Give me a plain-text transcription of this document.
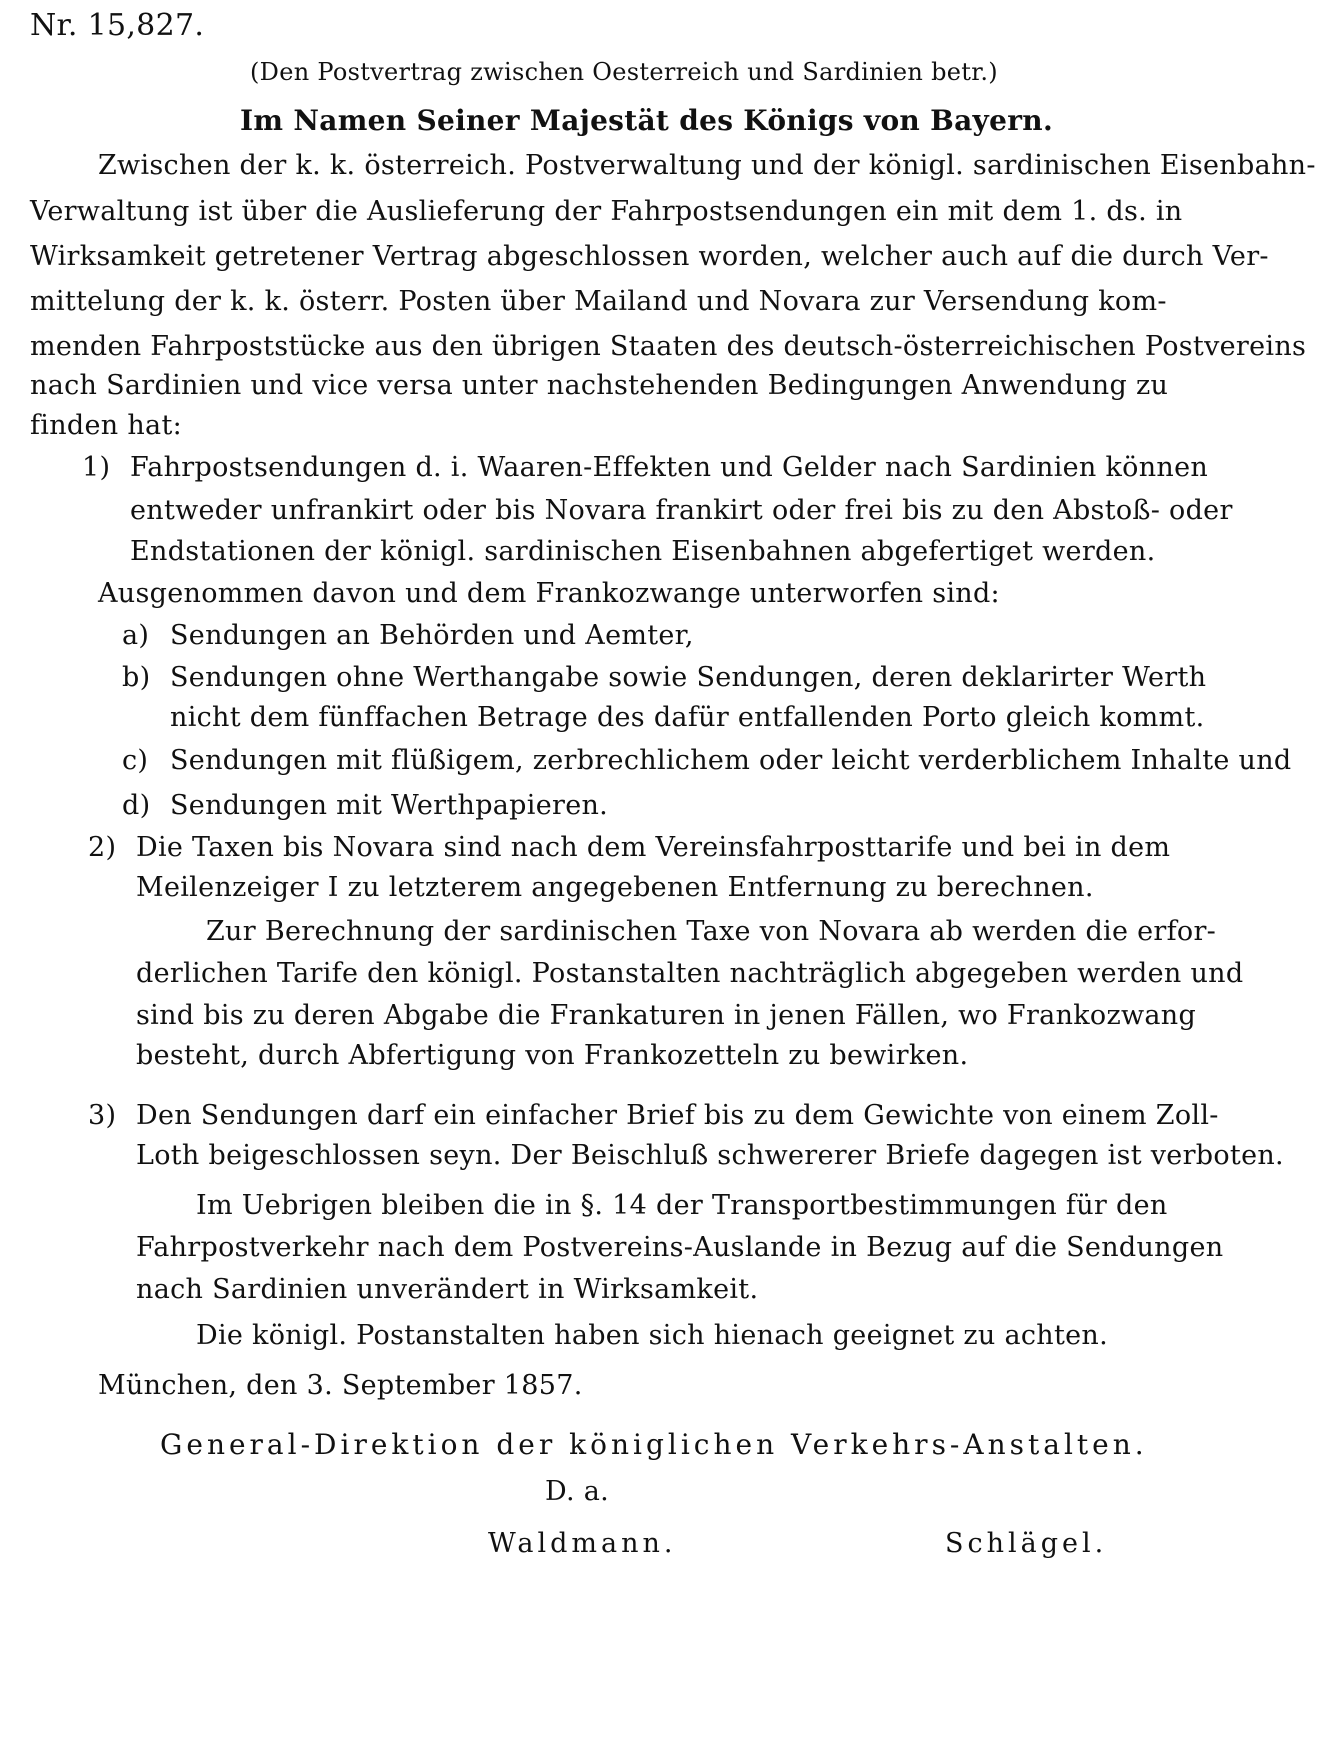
Nr. 15,827.
(Den Postvertrag zwischen Oesterreich und Sardinien betr.)
Im Namen Seiner Majestät des Königs von Bayern.
Zwischen der k. k. österreich. Postverwaltung und der königl. sardinischen Eisenbahn-
Verwaltung ist über die Auslieferung der Fahrpostsendungen ein mit dem 1. ds. in
Wirksamkeit getretener Vertrag abgeschlossen worden, welcher auch auf die durch Ver-
mittelung der k. k. österr. Posten über Mailand und Novara zur Versendung kom-
menden Fahrpoststücke aus den übrigen Staaten des deutsch-österreichischen Postvereins
nach Sardinien und vice versa unter nachstehenden Bedingungen Anwendung zu
finden hat:
1) Fahrpostsendungen d. i. Waaren-Effekten und Gelder nach Sardinien können
entweder unfrankirt oder bis Novara frankirt oder frei bis zu den Abstoß- oder
Endstationen der königl. sardinischen Eisenbahnen abgefertiget werden.
Ausgenommen davon und dem Frankozwange unterworfen sind:
a) Sendungen an Behörden und Aemter,
b) Sendungen ohne Werthangabe sowie Sendungen, deren deklarirter Werth
nicht dem fünffachen Betrage des dafür entfallenden Porto gleich kommt.
c) Sendungen mit flüßigem, zerbrechlichem oder leicht verderblichem Inhalte und
d) Sendungen mit Werthpapieren.
2) Die Taxen bis Novara sind nach dem Vereinsfahrposttarife und bei in dem
Meilenzeiger I zu letzterem angegebenen Entfernung zu berechnen.
Zur Berechnung der sardinischen Taxe von Novara ab werden die erfor-
derlichen Tarife den königl. Postanstalten nachträglich abgegeben werden und
sind bis zu deren Abgabe die Frankaturen in jenen Fällen, wo Frankozwang
besteht, durch Abfertigung von Frankozetteln zu bewirken.
3) Den Sendungen darf ein einfacher Brief bis zu dem Gewichte von einem Zoll-
Loth beigeschlossen seyn. Der Beischluß schwererer Briefe dagegen ist verboten.
Im Uebrigen bleiben die in §. 14 der Transportbestimmungen für den
Fahrpostverkehr nach dem Postvereins-Auslande in Bezug auf die Sendungen
nach Sardinien unverändert in Wirksamkeit.
Die königl. Postanstalten haben sich hienach geeignet zu achten.
München, den 3. September 1857.
General-Direktion der königlichen Verkehrs-Anstalten.
D. a.
Waldmann.	Schlägel.
